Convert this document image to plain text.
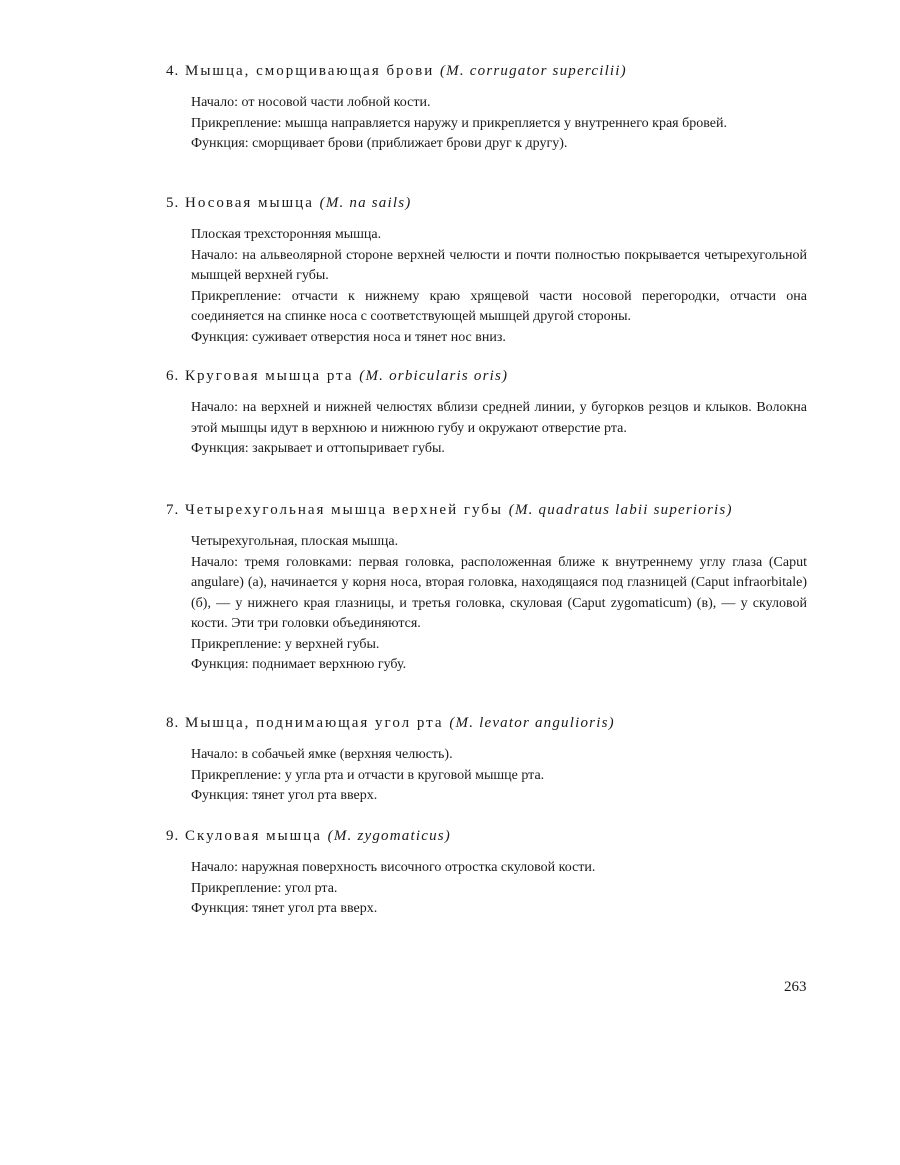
4. Мышца, сморщивающая брови (M. corrugator supercilii)

Начало: от носовой части лобной кости.

Прикрепление: мышца направляется наружу и прикрепляется у внутреннего края бровей.

Функция: сморщивает брови (приближает брови друг к другу).

5. Носовая мышца (M. na sails)

Плоская трехсторонняя мышца.

Начало: на альвеолярной стороне верхней челюсти и почти полностью покрывается четырехугольной мышцей верхней губы.

Прикрепление: отчасти к нижнему краю хрящевой части носовой перегородки, отчасти она соединяется на спинке носа с соответствующей мышцей другой стороны.

Функция: суживает отверстия носа и тянет нос вниз.

6. Круговая мышца рта (M. orbicularis oris)

Начало: на верхней и нижней челюстях вблизи средней линии, у бугорков резцов и клыков. Волокна этой мышцы идут в верхнюю и нижнюю губу и окружают отверстие рта.

Функция: закрывает и оттопыривает губы.

7. Четырехугольная мышца верхней губы (M. quadratus labii superioris)

Четырехугольная, плоская мышца.

Начало: тремя головками: первая головка, расположенная ближе к внутреннему углу глаза (Caput angulare) (а), начинается у корня носа, вторая головка, находящаяся под глазницей (Caput infraorbitale) (б), — у нижнего края глазницы, и третья головка, скуловая (Caput zygomaticum) (в), — у скуловой кости. Эти три головки объединяются.

Прикрепление: у верхней губы.

Функция: поднимает верхнюю губу.

8. Мышца, поднимающая угол рта (M. levator angulioris)

Начало: в собачьей ямке (верхняя челюсть).

Прикрепление: у угла рта и отчасти в круговой мышце рта.

Функция: тянет угол рта вверх.

9. Скуловая мышца (M. zygomaticus)

Начало: наружная поверхность височного отростка скуловой кости.

Прикрепление: угол рта.

Функция: тянет угол рта вверх.

263
